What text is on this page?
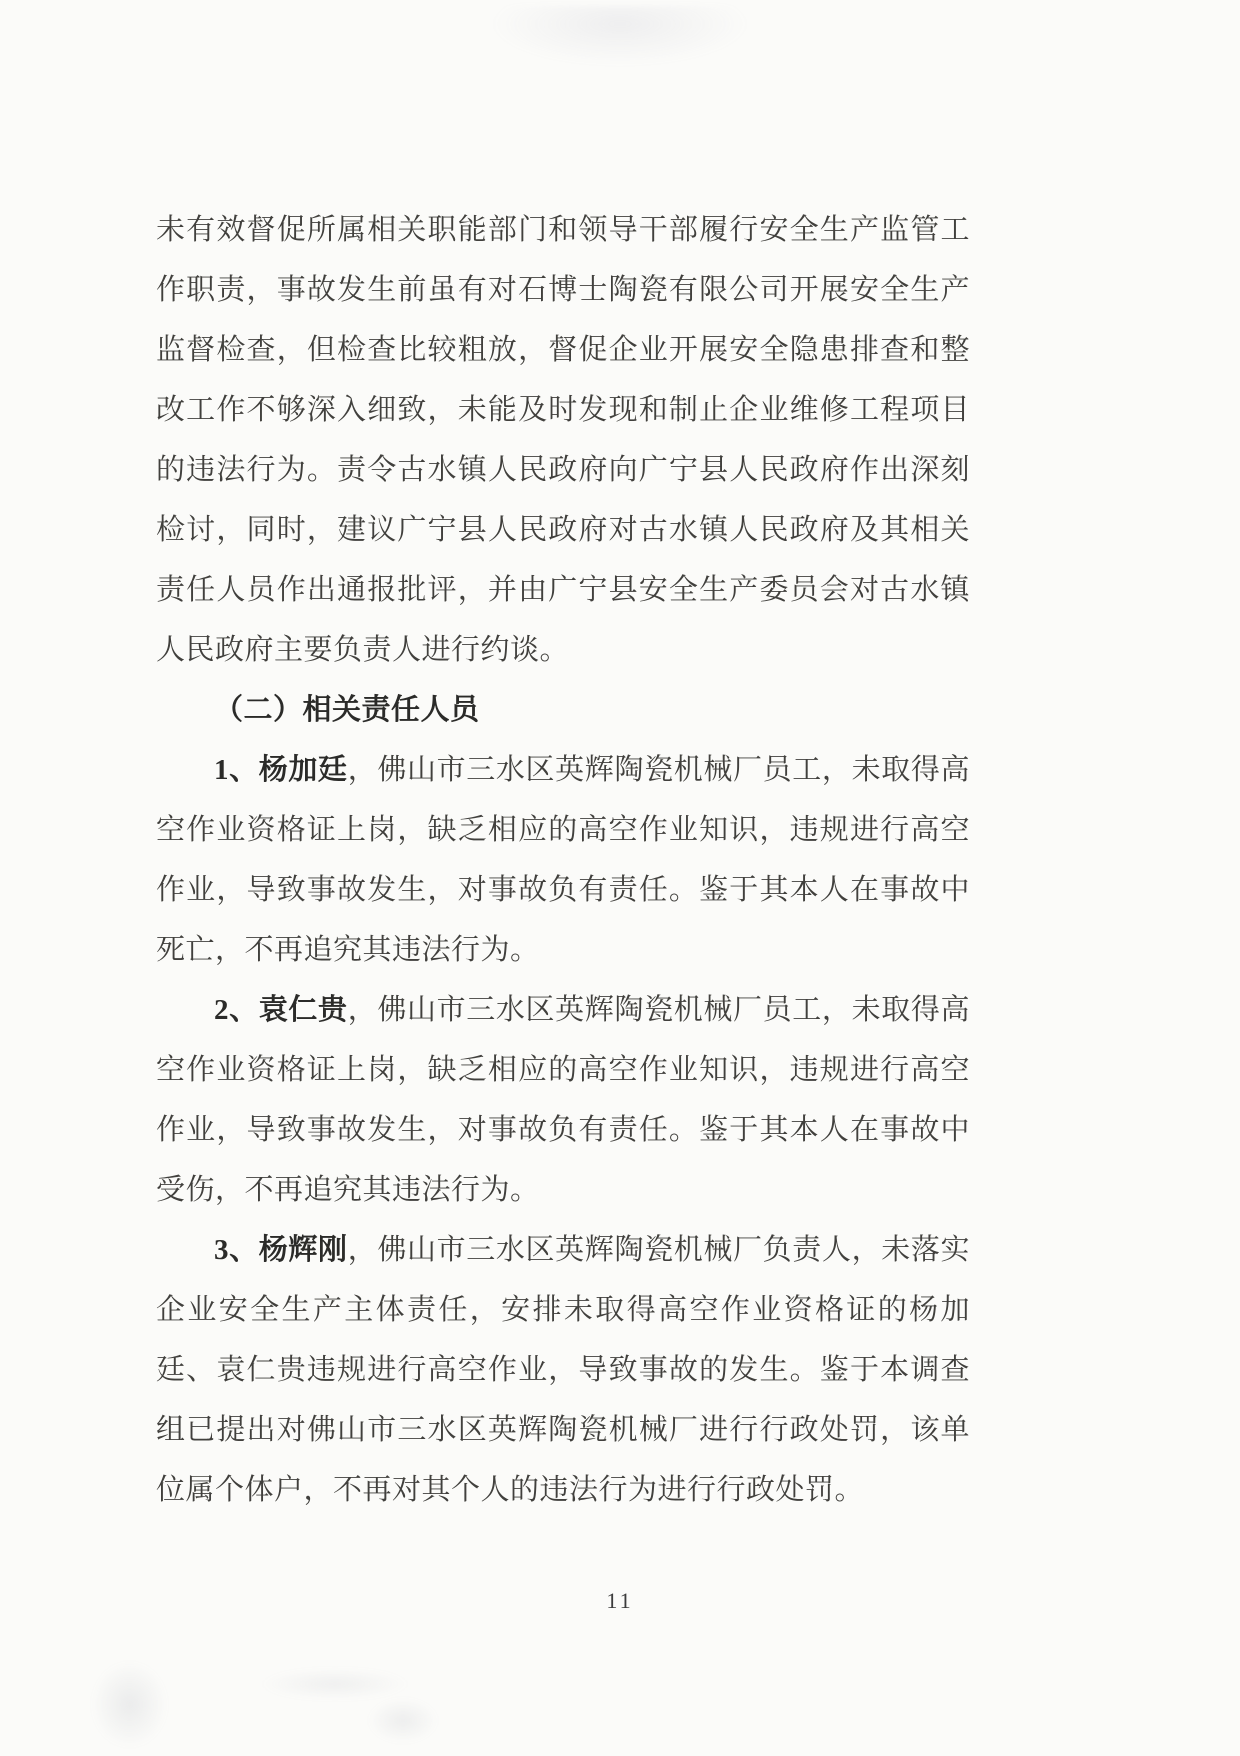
未有效督促所属相关职能部门和领导干部履行安全生产监管工作职责，事故发生前虽有对石博士陶瓷有限公司开展安全生产监督检查，但检查比较粗放，督促企业开展安全隐患排查和整改工作不够深入细致，未能及时发现和制止企业维修工程项目的违法行为。责令古水镇人民政府向广宁县人民政府作出深刻检讨，同时，建议广宁县人民政府对古水镇人民政府及其相关责任人员作出通报批评，并由广宁县安全生产委员会对古水镇人民政府主要负责人进行约谈。

（二）相关责任人员

1、杨加廷，佛山市三水区英辉陶瓷机械厂员工，未取得高空作业资格证上岗，缺乏相应的高空作业知识，违规进行高空作业，导致事故发生，对事故负有责任。鉴于其本人在事故中死亡，不再追究其违法行为。

2、袁仁贵，佛山市三水区英辉陶瓷机械厂员工，未取得高空作业资格证上岗，缺乏相应的高空作业知识，违规进行高空作业，导致事故发生，对事故负有责任。鉴于其本人在事故中受伤，不再追究其违法行为。

3、杨辉刚，佛山市三水区英辉陶瓷机械厂负责人，未落实企业安全生产主体责任，安排未取得高空作业资格证的杨加廷、袁仁贵违规进行高空作业，导致事故的发生。鉴于本调查组已提出对佛山市三水区英辉陶瓷机械厂进行行政处罚，该单位属个体户，不再对其个人的违法行为进行行政处罚。

11
